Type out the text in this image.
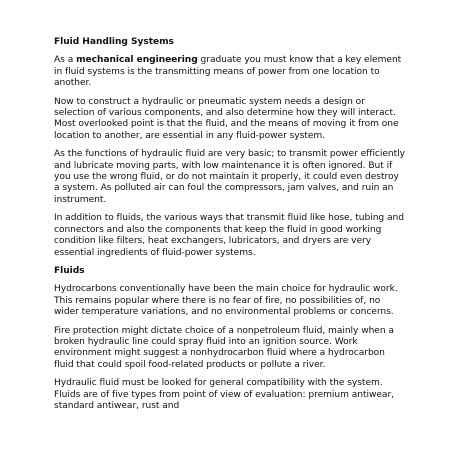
Fluid Handling Systems
As a mechanical engineering graduate you must know that a key element in fluid systems is the transmitting means of power from one location to another.
Now to construct a hydraulic or pneumatic system needs a design or selection of various components, and also determine how they will interact. Most overlooked point is that the fluid, and the means of moving it from one location to another, are essential in any fluid-power system.
As the functions of hydraulic fluid are very basic; to transmit power efficiently and lubricate moving parts, with low maintenance it is often ignored. But if you use the wrong fluid, or do not maintain it properly, it could even destroy a system. As polluted air can foul the compressors, jam valves, and ruin an instrument.
In addition to fluids, the various ways that transmit fluid like hose, tubing and connectors and also the components that keep the fluid in good working condition like filters, heat exchangers, lubricators, and dryers are very essential ingredients of fluid-power systems.
Fluids
Hydrocarbons conventionally have been the main choice for hydraulic work. This remains popular where there is no fear of fire, no possibilities of, no wider temperature variations, and no environmental problems or concerns.
Fire protection might dictate choice of a nonpetroleum fluid, mainly when a broken hydraulic line could spray fluid into an ignition source. Work environment might suggest a nonhydrocarbon fluid where a hydrocarbon fluid that could spoil food-related products or pollute a river.
Hydraulic fluid must be looked for general compatibility with the system. Fluids are of five types from point of view of evaluation: premium antiwear, standard antiwear, rust and
